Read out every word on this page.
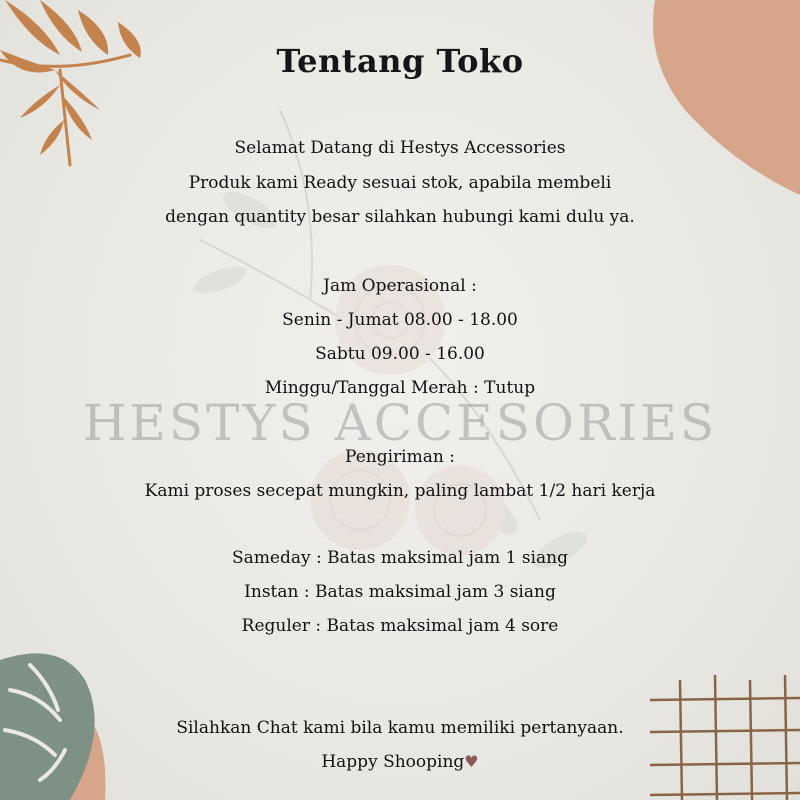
HESTYS ACCESORIES
Tentang Toko
Selamat Datang di Hestys Accessories
Produk kami Ready sesuai stok, apabila membeli
dengan quantity besar silahkan hubungi kami dulu ya.
Jam Operasional :
Senin - Jumat 08.00 - 18.00
Sabtu 09.00 - 16.00
Minggu/Tanggal Merah : Tutup
Pengiriman :
Kami proses secepat mungkin, paling lambat 1/2 hari kerja
Sameday : Batas maksimal jam 1 siang
Instan : Batas maksimal jam 3 siang
Reguler : Batas maksimal jam 4 sore
Silahkan Chat kami bila kamu memiliki pertanyaan.
Happy Shooping♥
